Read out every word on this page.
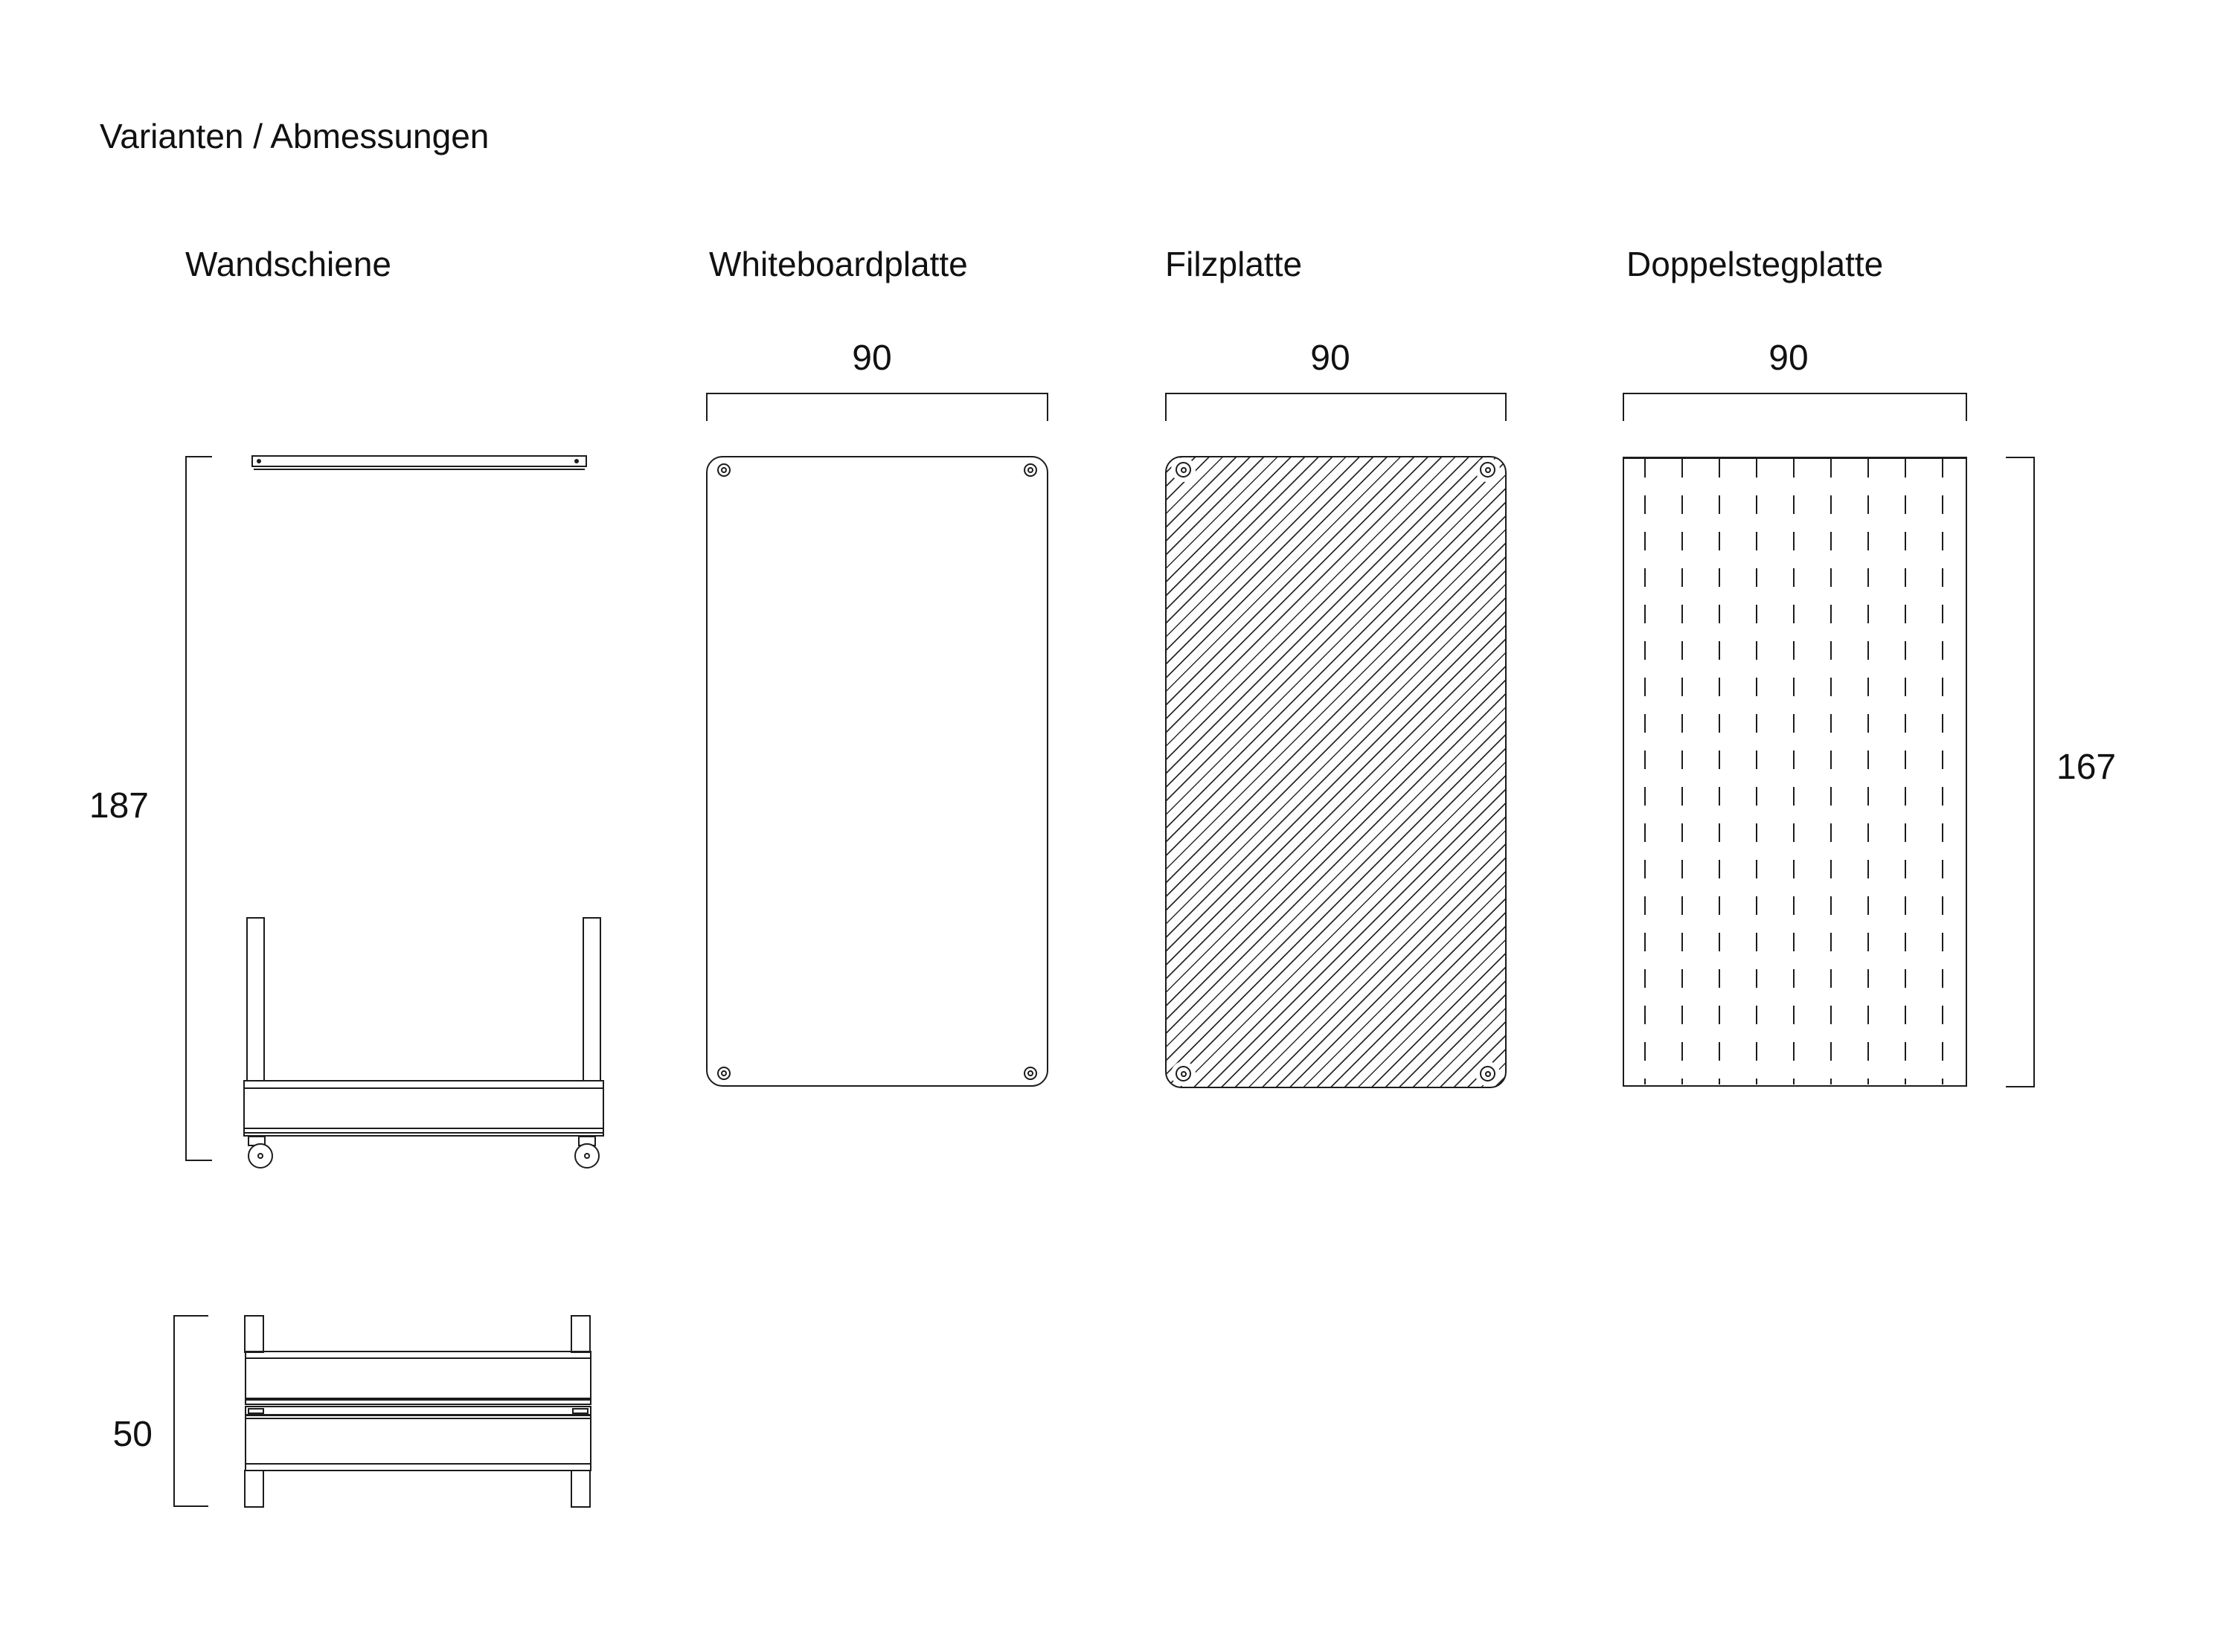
Varianten / Abmessungen
Wandschiene	Whiteboardplatte	Filzplatte	Doppelstegplatte
187
50
90	90	90
167
